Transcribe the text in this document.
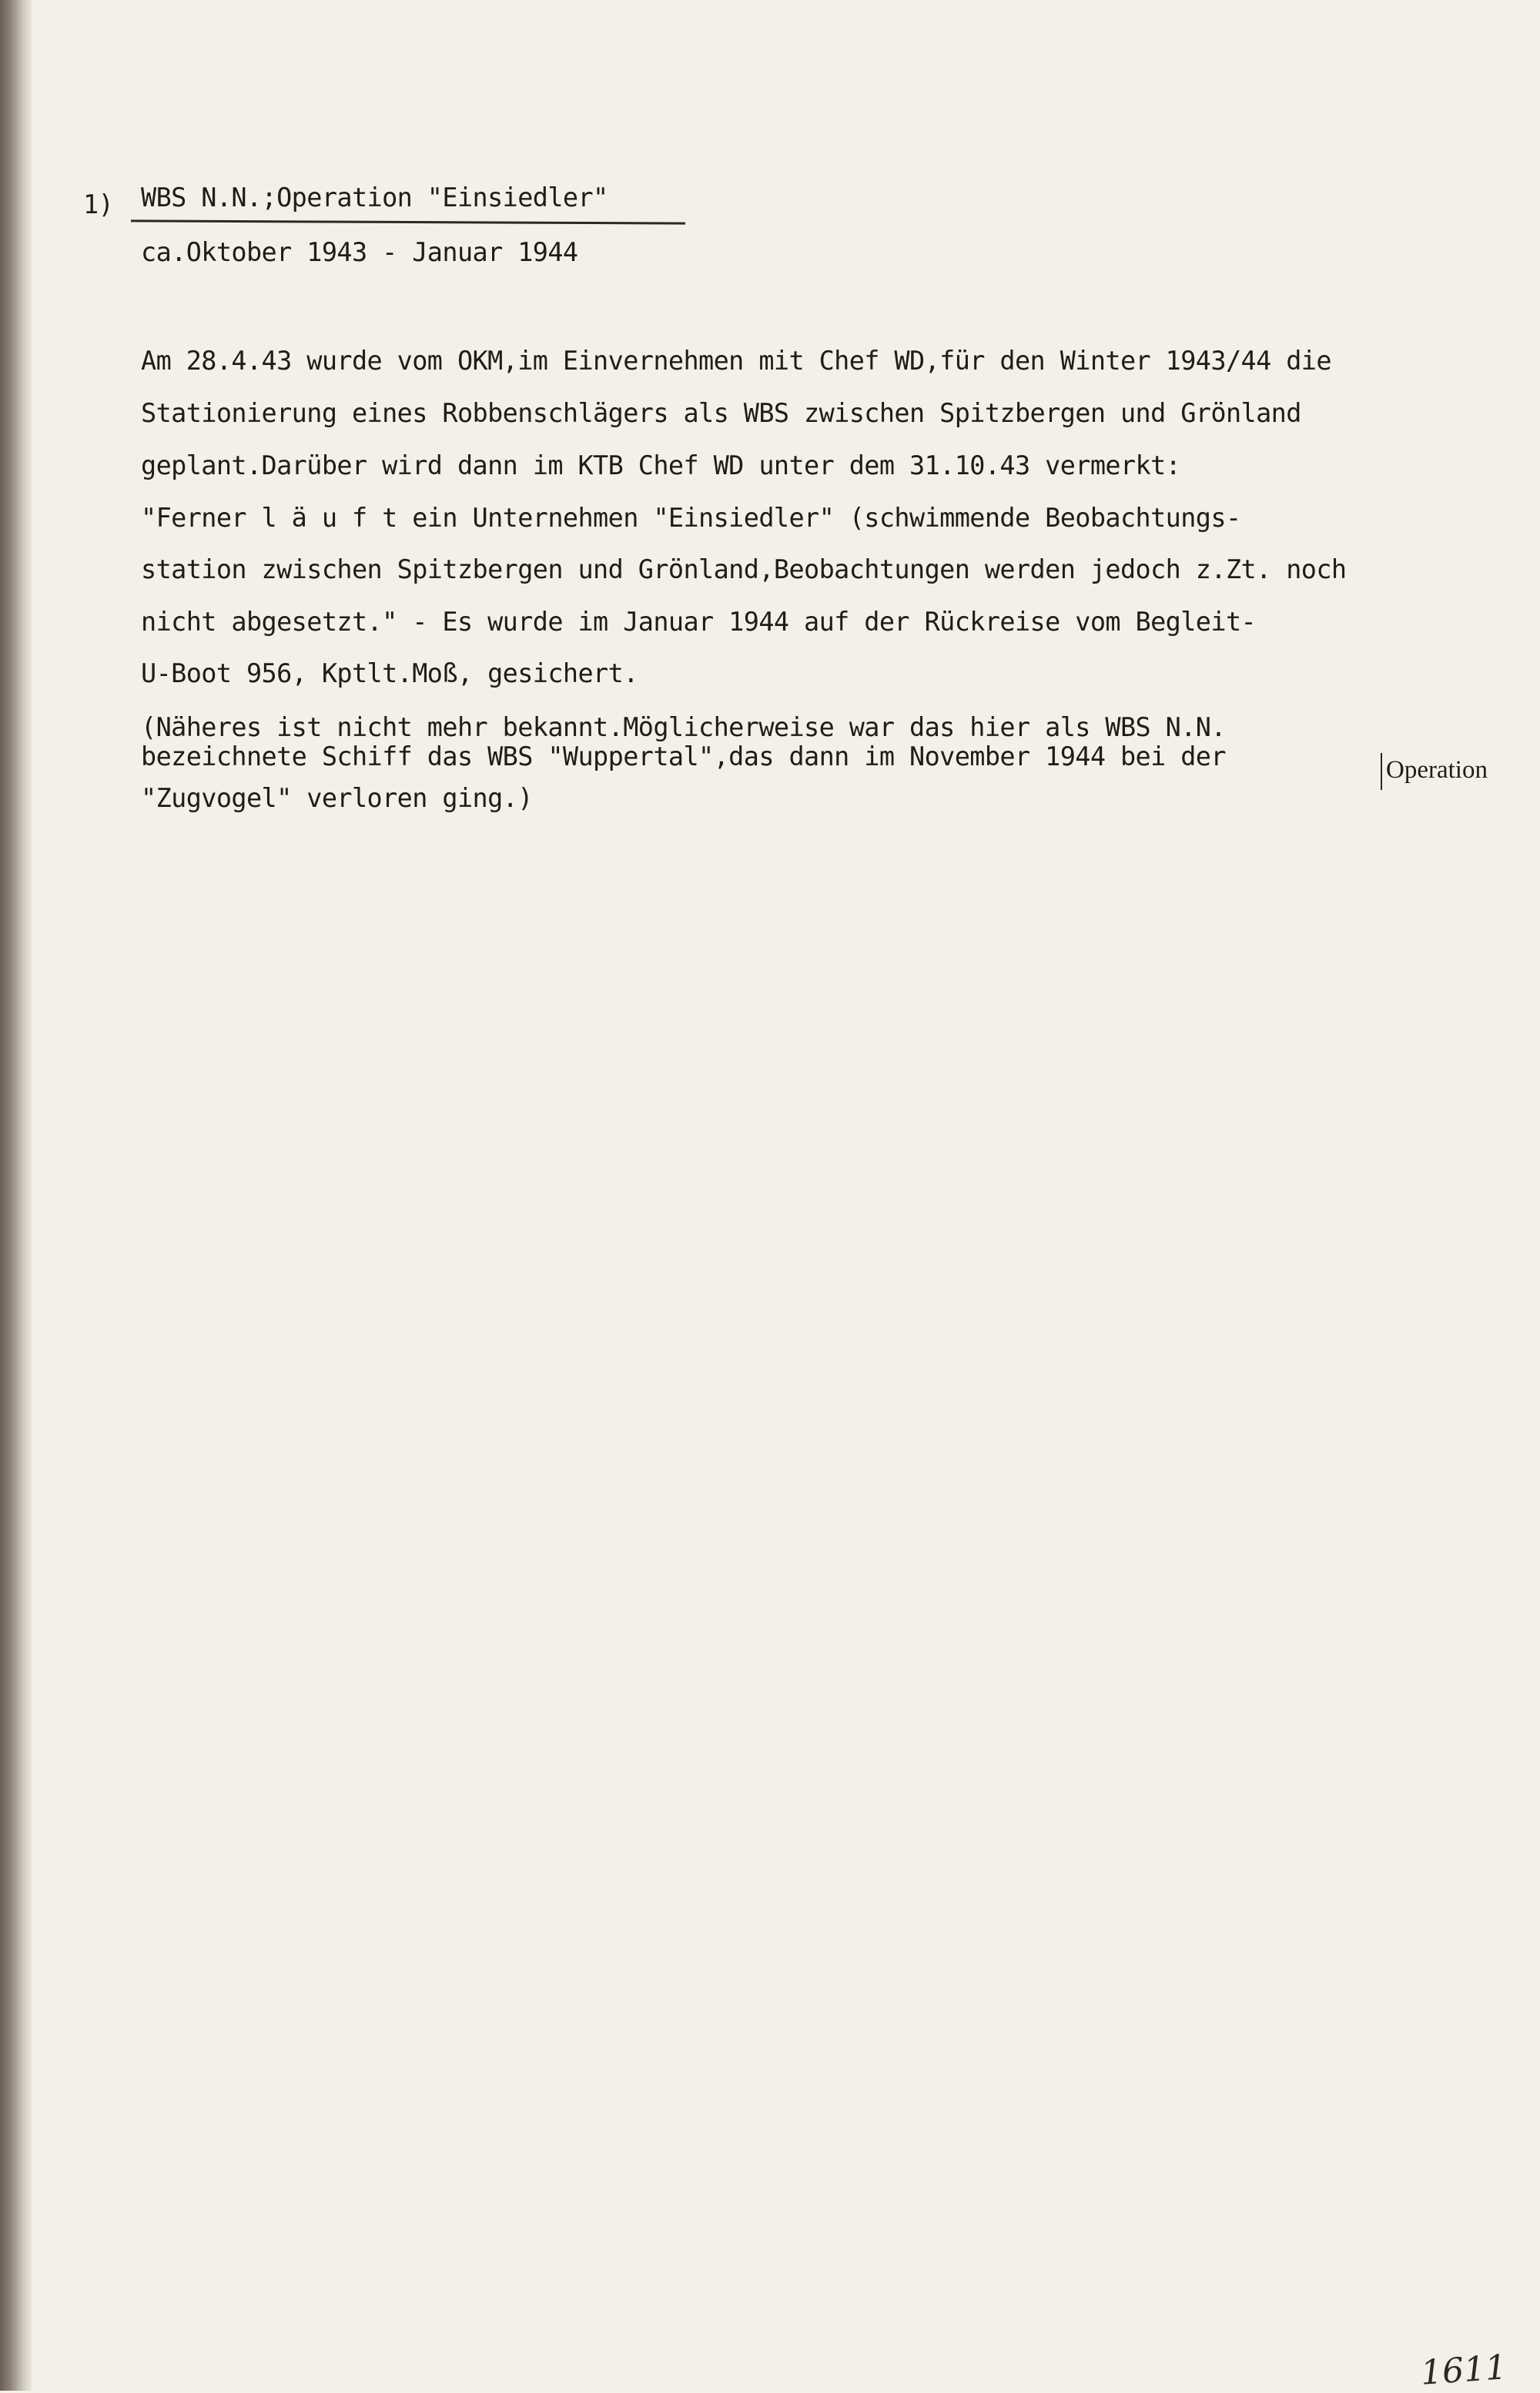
1) WBS N.N.;Operation "Einsiedler"
ca.Oktober 1943 - Januar 1944
Am 28.4.43 wurde vom OKM,im Einvernehmen mit Chef WD,für den Winter 1943/44 die
Stationierung eines Robbenschlägers als WBS zwischen Spitzbergen und Grönland
geplant.Darüber wird dann im KTB Chef WD unter dem 31.10.43 vermerkt:
"Ferner l ä u f t ein Unternehmen "Einsiedler" (schwimmende Beobachtungs-
station zwischen Spitzbergen und Grönland,Beobachtungen werden jedoch z.Zt. noch
nicht abgesetzt." - Es wurde im Januar 1944 auf der Rückreise vom Begleit-
U-Boot 956, Kptlt.Moß, gesichert.
(Näheres ist nicht mehr bekannt.Möglicherweise war das hier als WBS N.N.
bezeichnete Schiff das WBS "Wuppertal",das dann im November 1944 bei der
"Zugvogel" verloren ging.)
Operation
1611
